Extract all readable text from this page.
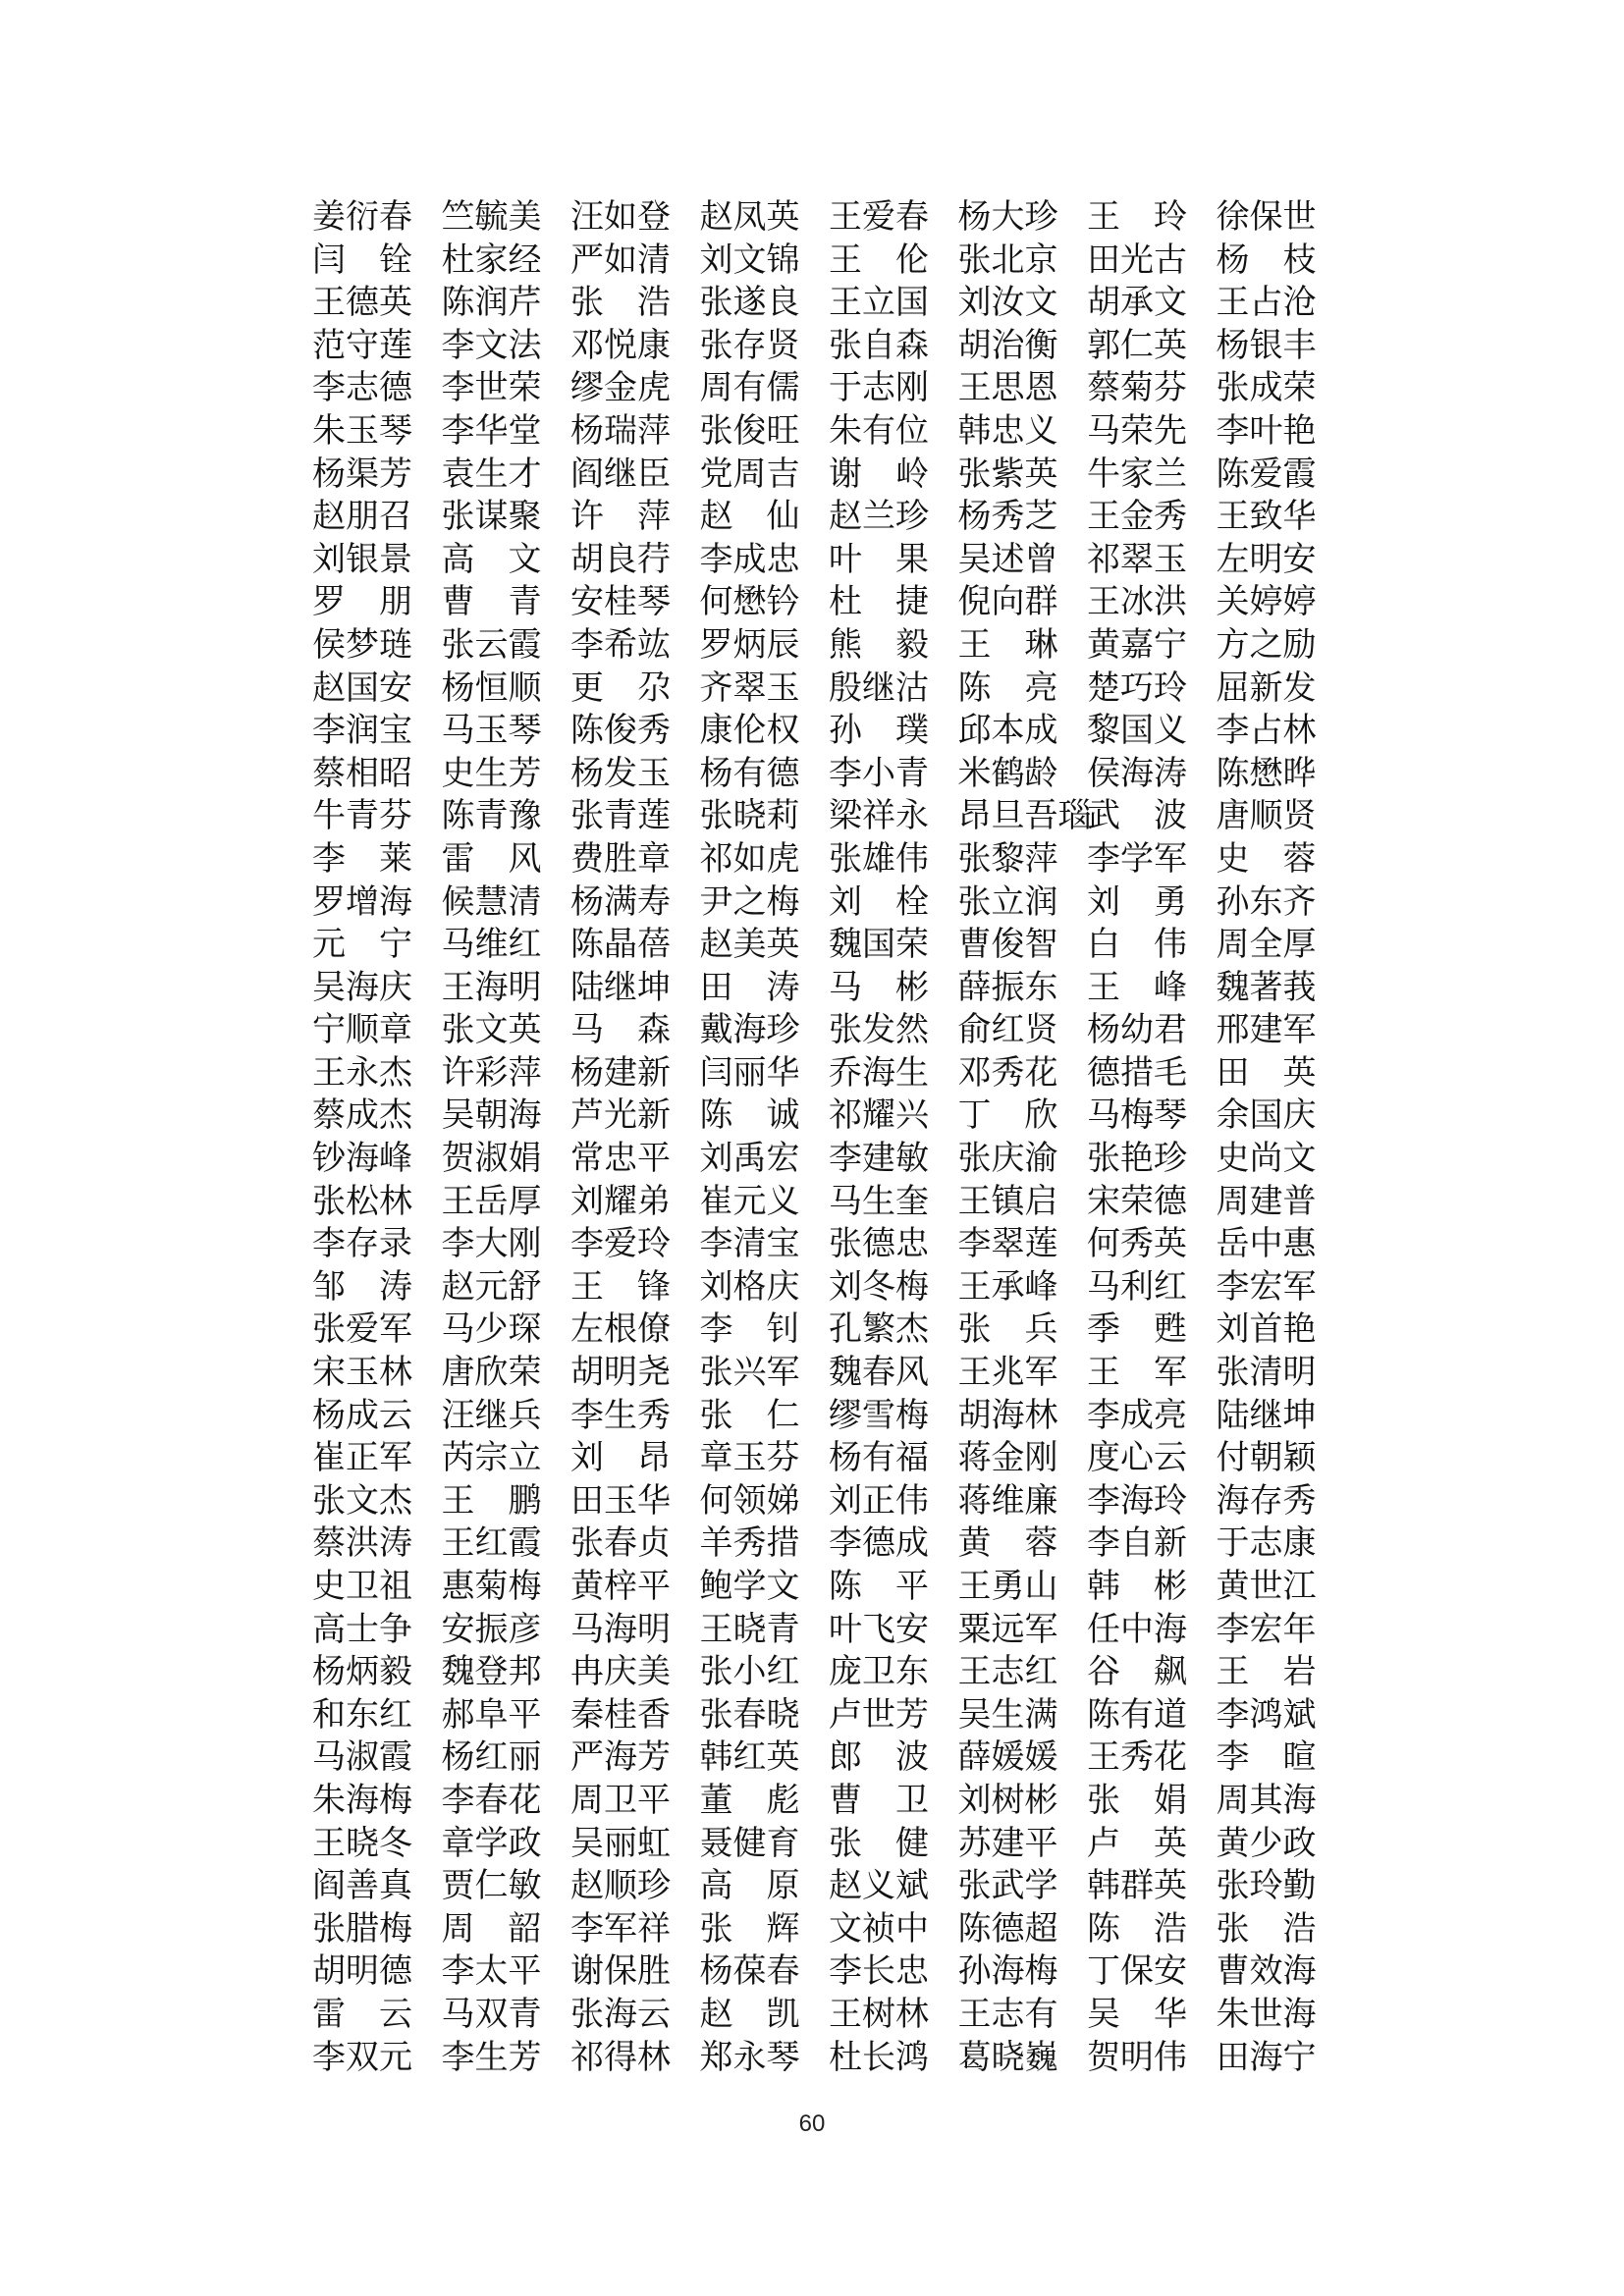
姜 衍 春 竺 毓 美 汪 如 登 赵 凤 英 王 爱 春 杨 大 珍 王 玲 徐 保 世
闫 铨 杜 家 经 严 如 清 刘 文 锦 王 伦 张 北 京 田 光 古 杨 枝
王 德 英 陈 润 芹 张 浩 张 遂 良 王 立 国 刘 汝 文 胡 承 文 王 占 沧
范 守 莲 李 文 法 邓 悦 康 张 存 贤 张 自 森 胡 治 衡 郭 仁 英 杨 银 丰
李 志 德 李 世 荣 缪 金 虎 周 有 儒 于 志 刚 王 思 恩 蔡 菊 芬 张 成 荣
朱 玉 琴 李 华 堂 杨 瑞 萍 张 俊 旺 朱 有 位 韩 忠 义 马 荣 先 李 叶 艳
杨 渠 芳 袁 生 才 阎 继 臣 党 周 吉 谢 岭 张 紫 英 牛 家 兰 陈 爱 霞
赵 朋 召 张 谋 聚 许 萍 赵 仙 赵 兰 珍 杨 秀 芝 王 金 秀 王 致 华
刘 银 景 高 文 胡 良 荇 李 成 忠 叶 果 吴 述 曾 祁 翠 玉 左 明 安
罗 朋 曹 青 安 桂 琴 何 懋 钤 杜 捷 倪 向 群 王 冰 洪 关 婷 婷
侯 梦 琏 张 云 霞 李 希 竑 罗 炳 辰 熊 毅 王 琳 黄 嘉 宁 方 之 励
赵 国 安 杨 恒 顺 更 尕 齐 翠 玉 殷 继 沽 陈 亮 楚 巧 玲 屈 新 发
李 润 宝 马 玉 琴 陈 俊 秀 康 伦 权 孙 璞 邱 本 成 黎 国 义 李 占 林
蔡 相 昭 史 生 芳 杨 发 玉 杨 有 德 李 小 青 米 鹤 龄 侯 海 涛 陈 懋 晔
牛 青 芬 陈 青 豫 张 青 莲 张 晓 莉 梁 祥 永 昂 旦 吾 瑙
武 波 唐 顺 贤
李 莱 雷 风 费 胜 章 祁 如 虎 张 雄 伟 张 黎 萍 李 学 军 史 蓉
罗 增 海 候 慧 清 杨 满 寿 尹 之 梅 刘 栓 张 立 润 刘 勇 孙 东 齐
元 宁 马 维 红 陈 晶 蓓 赵 美 英 魏 国 荣 曹 俊 智 白 伟 周 全 厚
吴 海 庆 王 海 明 陆 继 坤 田 涛 马 彬 薛 振 东 王 峰 魏 著 莪
宁 顺 章 张 文 英 马 森 戴 海 珍 张 发 然 俞 红 贤 杨 幼 君 邢 建 军
王 永 杰 许 彩 萍 杨 建 新 闫 丽 华 乔 海 生 邓 秀 花 德 措 毛 田 英
蔡 成 杰 吴 朝 海 芦 光 新 陈 诚 祁 耀 兴 丁 欣 马 梅 琴 余 国 庆
钞 海 峰 贺 淑 娟 常 忠 平 刘 禹 宏 李 建 敏 张 庆 渝 张 艳 珍 史 尚 文
张 松 林 王 岳 厚 刘 耀 弟 崔 元 义 马 生 奎 王 镇 启 宋 荣 德 周 建 普
李 存 录 李 大 刚 李 爱 玲 李 清 宝 张 德 忠 李 翠 莲 何 秀 英 岳 中 惠
邹 涛 赵 元 舒 王 锋 刘 格 庆 刘 冬 梅 王 承 峰 马 利 红 李 宏 军
张 爱 军 马 少 琛 左 根 僚 李 钊 孔 繁 杰 张 兵 季 甦 刘 首 艳
宋 玉 林 唐 欣 荣 胡 明 尧 张 兴 军 魏 春 风 王 兆 军 王 军 张 清 明
杨 成 云 汪 继 兵 李 生 秀 张 仁 缪 雪 梅 胡 海 林 李 成 亮 陆 继 坤
崔 正 军 芮 宗 立 刘 昂 章 玉 芬 杨 有 福 蒋 金 刚 度 心 云 付 朝 颖
张 文 杰 王 鹏 田 玉 华 何 领 娣 刘 正 伟 蒋 维 廉 李 海 玲 海 存 秀
蔡 洪 涛 王 红 霞 张 春 贞 羊 秀 措 李 德 成 黄 蓉 李 自 新 于 志 康
史 卫 祖 惠 菊 梅 黄 梓 平 鲍 学 文 陈 平 王 勇 山 韩 彬 黄 世 江
高 士 争 安 振 彦 马 海 明 王 晓 青 叶 飞 安 粟 远 军 任 中 海 李 宏 年
杨 炳 毅 魏 登 邦 冉 庆 美 张 小 红 庞 卫 东 王 志 红 谷 飙 王 岩
和 东 红 郝 阜 平 秦 桂 香 张 春 晓 卢 世 芳 吴 生 满 陈 有 道 李 鸿 斌
马 淑 霞 杨 红 丽 严 海 芳 韩 红 英 郎 波 薛 媛 媛 王 秀 花 李 暄
朱 海 梅 李 春 花 周 卫 平 董 彪 曹 卫 刘 树 彬 张 娟 周 其 海
王 晓 冬 章 学 政 吴 丽 虹 聂 健 育 张 健 苏 建 平 卢 英 黄 少 政
阎 善 真 贾 仁 敏 赵 顺 珍 高 原 赵 义 斌 张 武 学 韩 群 英 张 玲 勤
张 腊 梅 周 韶 李 军 祥 张 辉 文 祯 中 陈 德 超 陈 浩 张 浩
胡 明 德 李 太 平 谢 保 胜 杨 葆 春 李 长 忠 孙 海 梅 丁 保 安 曹 效 海
雷 云 马 双 青 张 海 云 赵 凯 王 树 林 王 志 有 吴 华 朱 世 海
李 双 元 李 生 芳 祁 得 林 郑 永 琴 杜 长 鸿 葛 晓 巍 贺 明 伟 田 海 宁
60
